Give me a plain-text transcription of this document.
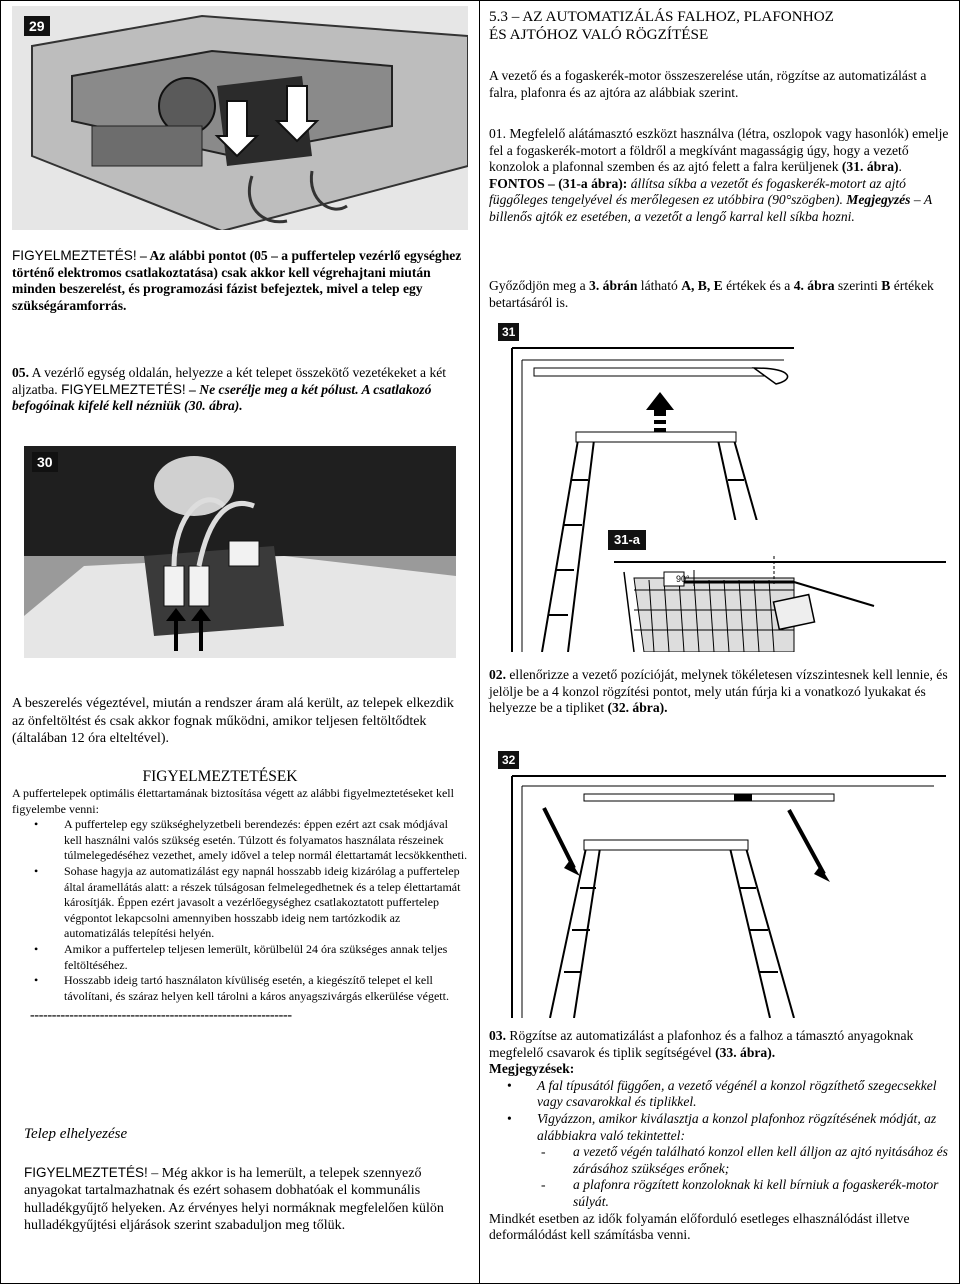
29

FIGYELMEZTETÉS! – Az alábbi pontot (05 – a puffertelep vezérlő egységhez történő elektromos csatlakoztatása) csak akkor kell végrehajtani miután minden beszerelést, és programozási fázist befejeztek, mivel a telep egy szükségáramforrás.

05. A vezérlő egység oldalán, helyezze a két telepet összekötő vezetékeket a két aljzatba. FIGYELMEZTETÉS! – Ne cserélje meg a két pólust. A csatlakozó befogóinak kifelé kell nézniük (30. ábra).

30

A beszerelés végeztével, miután a rendszer áram alá került, az telepek elkezdik az önfeltöltést és csak akkor fognak működni, amikor teljesen feltöltődtek (általában 12 óra elteltével).

FIGYELMEZTETÉSEK

A puffertelepek optimális élettartamának biztosítása végett az alábbi figyelmeztetéseket kell figyelembe venni:

• A puffertelep egy szükséghelyzetbeli berendezés: éppen ezért azt csak módjával kell használni valós szükség esetén. Túlzott és folyamatos használata részeinek túlmelegedéséhez vezethet, amely idővel a telep normál élettartamát lecsökkentheti.
• Sohase hagyja az automatizálást egy napnál hosszabb ideig kizárólag a puffertelep által áramellátás alatt: a részek túlságosan felmelegedhetnek és a telep élettartamát károsítják. Éppen ezért javasolt a vezérlőegységhez csatlakoztatott puffertelep végpontot lekapcsolni amennyiben hosszabb ideig nem tartózkodik az automatizálás telepítési helyén.
• Amikor a puffertelep teljesen lemerült, körülbelül 24 óra szükséges annak teljes feltöltéséhez.
• Hosszabb ideig tartó használaton kívüliség esetén, a kiegészítő telepet el kell távolítani, és száraz helyen kell tárolni a káros anyagszivárgás elkerülése végett.

------------------------------------------------------------

Telep elhelyezése

FIGYELMEZTETÉS! – Még akkor is ha lemerült, a telepek szennyező anyagokat tartalmazhatnak és ezért sohasem dobhatóak el kommunális hulladékgyűjtő helyeken. Az érvényes helyi normáknak megfelelően külön hulladékgyűjtési eljárások szerint szabaduljon meg tőlük.

5.3 – AZ AUTOMATIZÁLÁS FALHOZ, PLAFONHOZ

ÉS AJTÓHOZ VALÓ RÖGZÍTÉSE

A vezető és a fogaskerék-motor összeszerelése után, rögzítse az automatizálást a falra, plafonra és az ajtóra az alábbiak szerint.

01. Megfelelő alátámasztó eszközt használva (létra, oszlopok vagy hasonlók) emelje fel a fogaskerék-motort a földről a megkívánt magasságig úgy, hogy a vezető konzolok a plafonnal szemben és az ajtó felett a falra kerüljenek (31. ábra). FONTOS – (31-a ábra): állítsa síkba a vezetőt és fogaskerék-motort az ajtó függőleges tengelyével és merőlegesen ez utóbbira (90°szögben). Megjegyzés – A billenős ajtók ez esetében, a vezetőt a lengő karral kell síkba hozni.

Győződjön meg a 3. ábrán látható A, B, E értékek és a 4. ábra szerinti B értékek betartásáról is.

90°
31
31-a

02. ellenőrizze a vezető pozícióját, melynek tökéletesen vízszintesnek kell lennie, és jelölje be a 4 konzol rögzítési pontot, mely után fúrja ki a vonatkozó lyukakat és helyezze be a tipliket (32. ábra).

32

03. Rögzítse az automatizálást a plafonhoz és a falhoz a támasztó anyagoknak megfelelő csavarok és tiplik segítségével (33. ábra).

Megjegyzések:

• A fal típusától függően, a vezető végénél a konzol rögzíthető szegecsekkel vagy csavarokkal és tiplikkel.
• Vigyázzon, amikor kiválasztja a konzol plafonhoz rögzítésének módját, az alábbiakra való tekintettel:
- a vezető végén található konzol ellen kell álljon az ajtó nyitásához és zárásához szükséges erőnek;
- a plafonra rögzített konzoloknak ki kell bírniuk a fogaskerék-motor súlyát.

Mindkét esetben az idők folyamán előforduló esetleges elhasználódást illetve deformálódást kell számításba venni.
